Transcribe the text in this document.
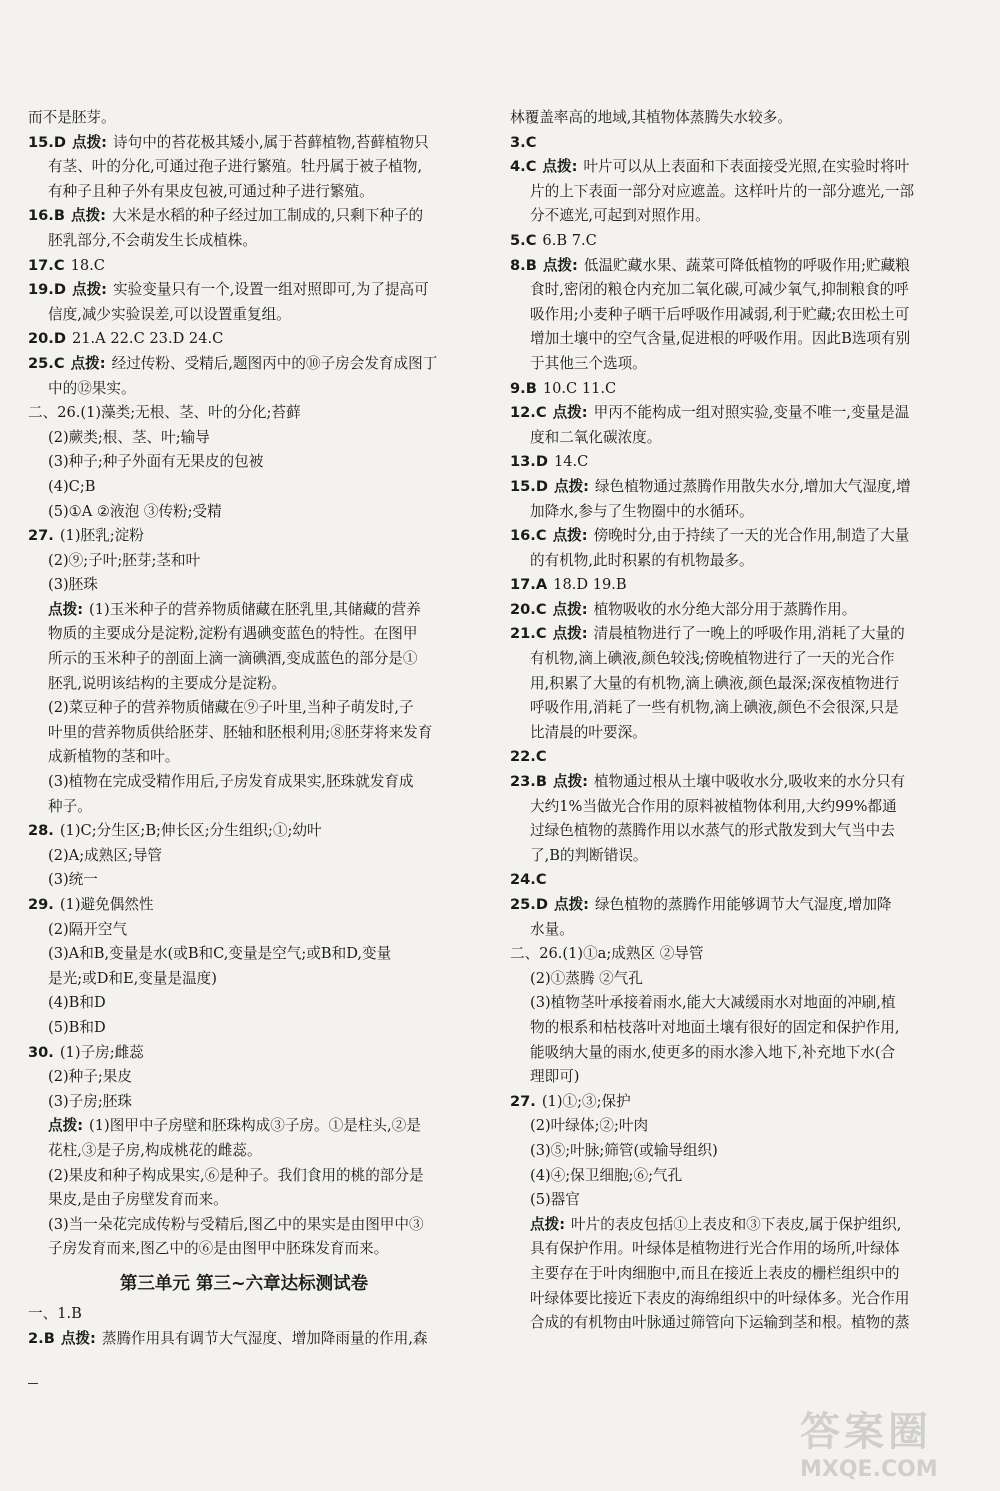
而不是胚芽。
15.D 点拨: 诗句中的苔花极其矮小,属于苔藓植物,苔藓植物只
有茎、叶的分化,可通过孢子进行繁殖。牡丹属于被子植物,
有种子且种子外有果皮包被,可通过种子进行繁殖。
16.B 点拨: 大米是水稻的种子经过加工制成的,只剩下种子的
胚乳部分,不会萌发生长成植株。
17.C 18.C
19.D 点拨: 实验变量只有一个,设置一组对照即可,为了提高可
信度,减少实验误差,可以设置重复组。
20.D 21.A 22.C 23.D 24.C
25.C 点拨: 经过传粉、受精后,题图丙中的⑩子房会发育成图丁
中的⑫果实。
二、26.(1)藻类;无根、茎、叶的分化;苔藓
(2)蕨类;根、茎、叶;输导
(3)种子;种子外面有无果皮的包被
(4)C;B
(5)①A ②液泡 ③传粉;受精
27. (1)胚乳;淀粉
(2)⑨;子叶;胚芽;茎和叶
(3)胚珠
点拨: (1)玉米种子的营养物质储藏在胚乳里,其储藏的营养
物质的主要成分是淀粉,淀粉有遇碘变蓝色的特性。在图甲
所示的玉米种子的剖面上滴一滴碘酒,变成蓝色的部分是①
胚乳,说明该结构的主要成分是淀粉。
(2)菜豆种子的营养物质储藏在⑨子叶里,当种子萌发时,子
叶里的营养物质供给胚芽、胚轴和胚根利用;⑧胚芽将来发育
成新植物的茎和叶。
(3)植物在完成受精作用后,子房发育成果实,胚珠就发育成
种子。
28. (1)C;分生区;B;伸长区;分生组织;①;幼叶
(2)A;成熟区;导管
(3)统一
29. (1)避免偶然性
(2)隔开空气
(3)A和B,变量是水(或B和C,变量是空气;或B和D,变量
是光;或D和E,变量是温度)
(4)B和D
(5)B和D
30. (1)子房;雌蕊
(2)种子;果皮
(3)子房;胚珠
点拨: (1)图甲中子房壁和胚珠构成③子房。①是柱头,②是
花柱,③是子房,构成桃花的雌蕊。
(2)果皮和种子构成果实,⑥是种子。我们食用的桃的部分是
果皮,是由子房壁发育而来。
(3)当一朵花完成传粉与受精后,图乙中的果实是由图甲中③
子房发育而来,图乙中的⑥是由图甲中胚珠发育而来。
第三单元 第三~六章达标测试卷
一、1.B
2.B 点拨: 蒸腾作用具有调节大气湿度、增加降雨量的作用,森
林覆盖率高的地域,其植物体蒸腾失水较多。
3.C
4.C 点拨: 叶片可以从上表面和下表面接受光照,在实验时将叶
片的上下表面一部分对应遮盖。这样叶片的一部分遮光,一部
分不遮光,可起到对照作用。
5.C 6.B 7.C
8.B 点拨: 低温贮藏水果、蔬菜可降低植物的呼吸作用;贮藏粮
食时,密闭的粮仓内充加二氧化碳,可减少氧气,抑制粮食的呼
吸作用;小麦种子晒干后呼吸作用减弱,利于贮藏;农田松土可
增加土壤中的空气含量,促进根的呼吸作用。因此B选项有别
于其他三个选项。
9.B 10.C 11.C
12.C 点拨: 甲丙不能构成一组对照实验,变量不唯一,变量是温
度和二氧化碳浓度。
13.D 14.C
15.D 点拨: 绿色植物通过蒸腾作用散失水分,增加大气湿度,增
加降水,参与了生物圈中的水循环。
16.C 点拨: 傍晚时分,由于持续了一天的光合作用,制造了大量
的有机物,此时积累的有机物最多。
17.A 18.D 19.B
20.C 点拨: 植物吸收的水分绝大部分用于蒸腾作用。
21.C 点拨: 清晨植物进行了一晚上的呼吸作用,消耗了大量的
有机物,滴上碘液,颜色较浅;傍晚植物进行了一天的光合作
用,积累了大量的有机物,滴上碘液,颜色最深;深夜植物进行
呼吸作用,消耗了一些有机物,滴上碘液,颜色不会很深,只是
比清晨的叶要深。
22.C
23.B 点拨: 植物通过根从土壤中吸收水分,吸收来的水分只有
大约1%当做光合作用的原料被植物体利用,大约99%都通
过绿色植物的蒸腾作用以水蒸气的形式散发到大气当中去
了,B的判断错误。
24.C
25.D 点拨: 绿色植物的蒸腾作用能够调节大气湿度,增加降
水量。
二、26.(1)①a;成熟区 ②导管
(2)①蒸腾 ②气孔
(3)植物茎叶承接着雨水,能大大减缓雨水对地面的冲刷,植
物的根系和枯枝落叶对地面土壤有很好的固定和保护作用,
能吸纳大量的雨水,使更多的雨水渗入地下,补充地下水(合
理即可)
27. (1)①;③;保护
(2)叶绿体;②;叶肉
(3)⑤;叶脉;筛管(或输导组织)
(4)④;保卫细胞;⑥;气孔
(5)器官
点拨: 叶片的表皮包括①上表皮和③下表皮,属于保护组织,
具有保护作用。叶绿体是植物进行光合作用的场所,叶绿体
主要存在于叶肉细胞中,而且在接近上表皮的栅栏组织中的
叶绿体要比接近下表皮的海绵组织中的叶绿体多。光合作用
合成的有机物由叶脉通过筛管向下运输到茎和根。植物的蒸
答案圈
MXQE.COM
